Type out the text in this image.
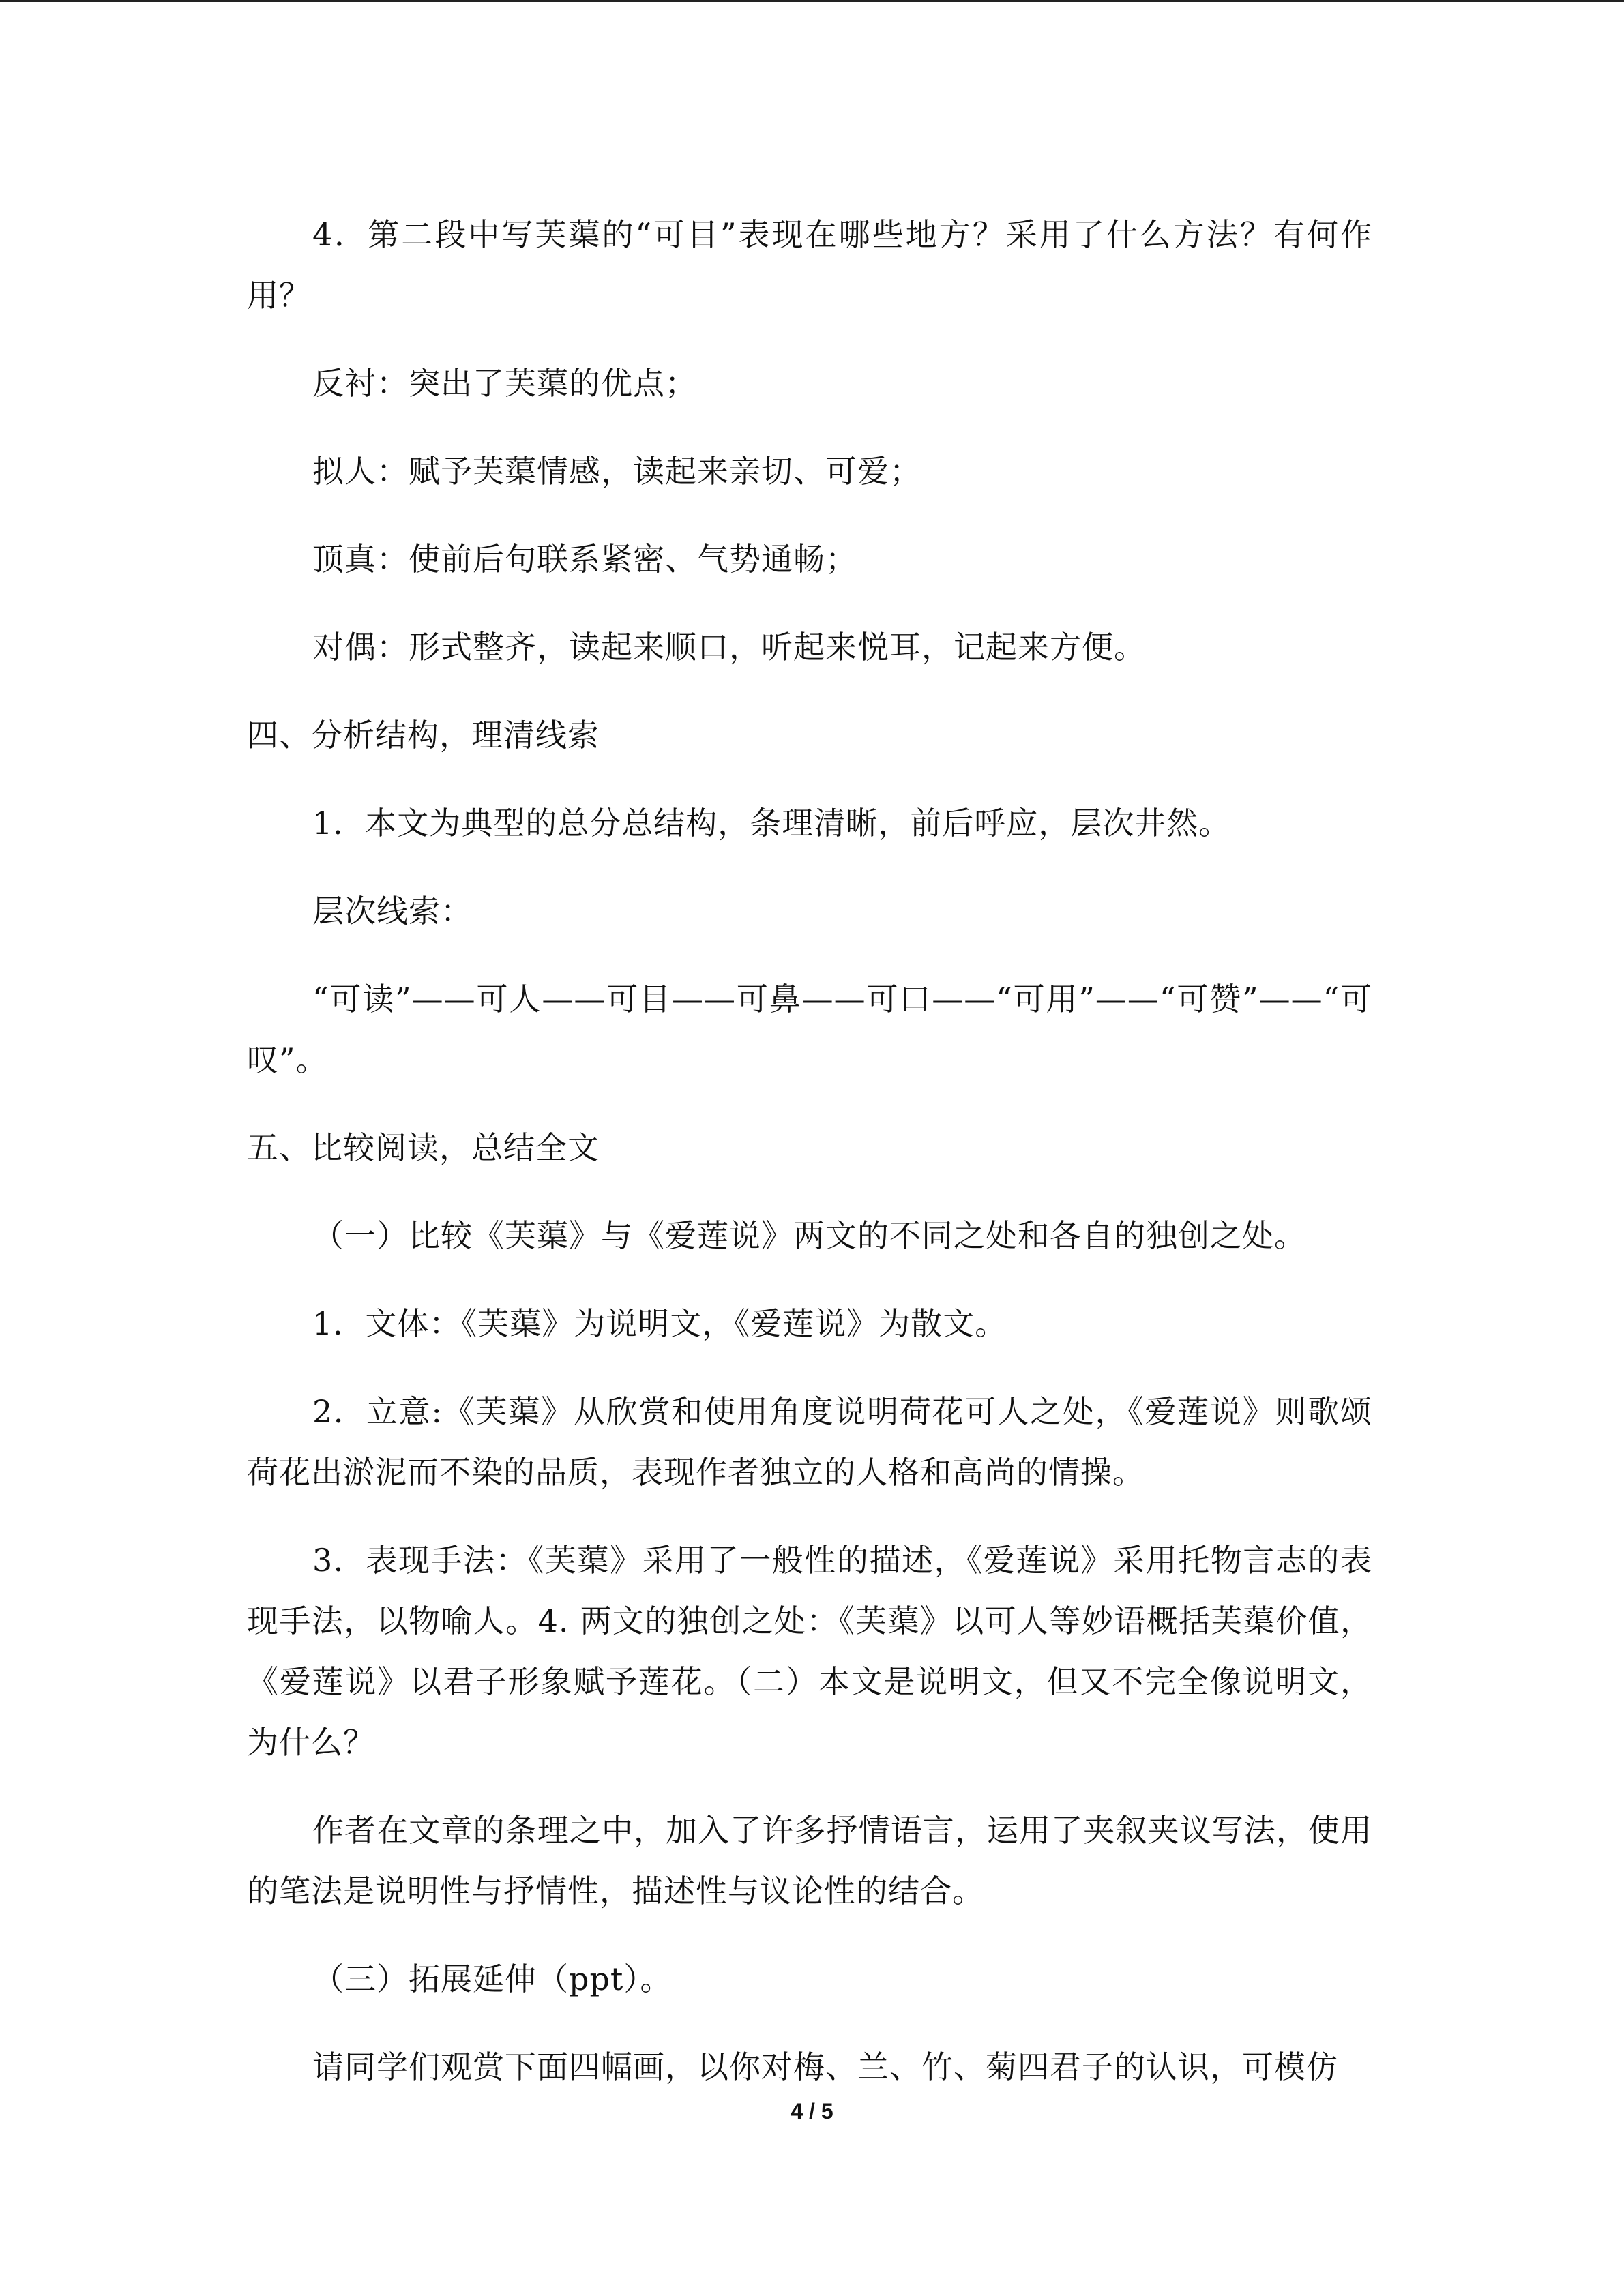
4．第二段中写芙蕖的“可目”表现在哪些地方？采用了什么方法？有何作用？

反衬：突出了芙蕖的优点；

拟人：赋予芙蕖情感，读起来亲切、可爱；

顶真：使前后句联系紧密、气势通畅；

对偶：形式整齐，读起来顺口，听起来悦耳，记起来方便。

四、分析结构，理清线索

1．本文为典型的总分总结构，条理清晰，前后呼应，层次井然。

层次线索：

“可读”——可人——可目——可鼻——可口——“可用”——“可赞”——“可叹”。

五、比较阅读，总结全文

（一）比较《芙蕖》与《爱莲说》两文的不同之处和各自的独创之处。

1．文体：《芙蕖》为说明文，《爱莲说》为散文。

2．立意:《芙蕖》从欣赏和使用角度说明荷花可人之处，《爱莲说》则歌颂荷花出淤泥而不染的品质，表现作者独立的人格和高尚的情操。

3．表现手法：《芙蕖》采用了一般性的描述，《爱莲说》采用托物言志的表现手法，以物喻人。4. 两文的独创之处：《芙蕖》以可人等妙语概括芙蕖价值，《爱莲说》以君子形象赋予莲花。（二）本文是说明文，但又不完全像说明文，为什么？

作者在文章的条理之中，加入了许多抒情语言，运用了夹叙夹议写法，使用的笔法是说明性与抒情性，描述性与议论性的结合。

（三）拓展延伸（ppt）。

请同学们观赏下面四幅画，以你对梅、兰、竹、菊四君子的认识，可模仿

4 / 5
